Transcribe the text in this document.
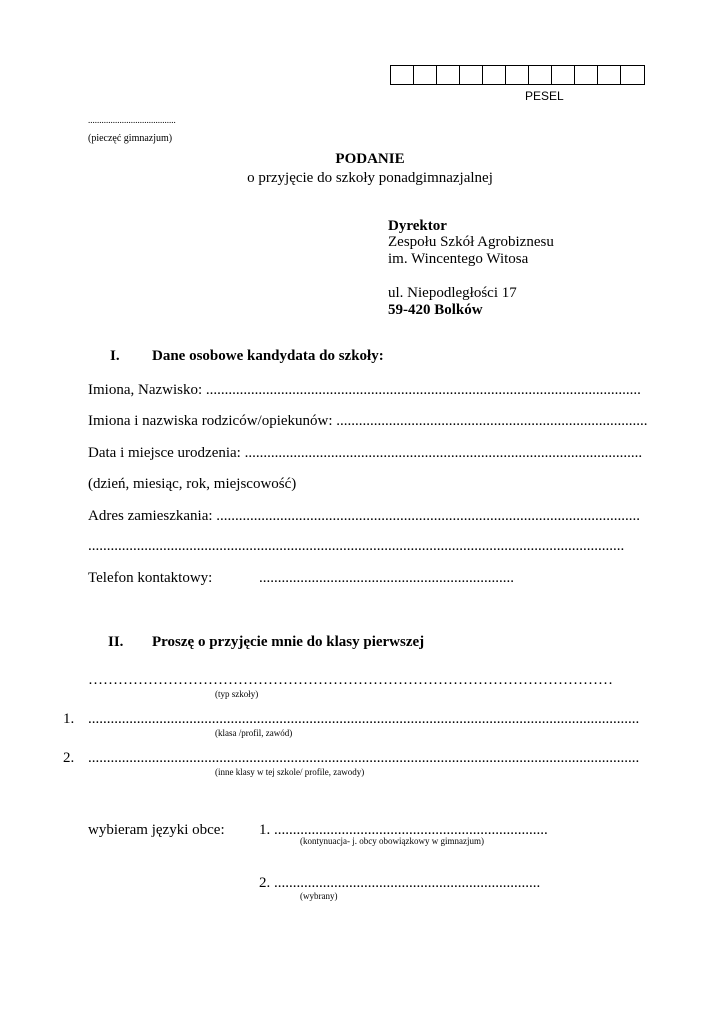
PESEL
.......................................
(pieczęć gimnazjum)
PODANIE
o przyjęcie do szkoły ponadgimnazjalnej
Dyrektor
Zespołu Szkół Agrobiznesu
im. Wincentego Witosa
ul. Niepodległości 17
59-420 Bolków
I. Dane osobowe kandydata do szkoły:
Imiona, Nazwisko: ....................................................................................................................
Imiona i nazwiska rodziców/opiekunów: ...................................................................................
Data i miejsce urodzenia: ..........................................................................................................
(dzień, miesiąc, rok, miejscowość)
Adres zamieszkania: .................................................................................................................
...............................................................................................................................................
Telefon kontaktowy:	....................................................................
II. Proszę o przyjęcie mnie do klasy pierwszej
……………………………………………………………………………………………
(typ szkoły)
1. ...................................................................................................................................................
(klasa /profil, zawód)
2. ...................................................................................................................................................
(inne klasy w tej szkole/ profile, zawody)
wybieram języki obce: 1. .........................................................................
(kontynuacja- j. obcy obowiązkowy w gimnazjum)
2. .......................................................................
(wybrany)
